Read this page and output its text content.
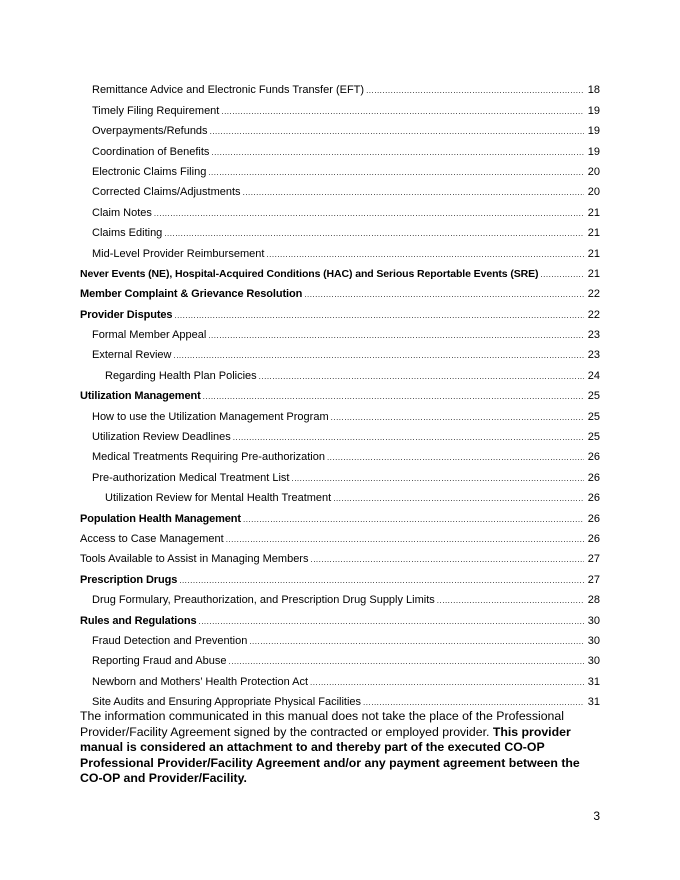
Remittance Advice and Electronic Funds Transfer (EFT) .....	18
Timely Filing Requirement .....	19
Overpayments/Refunds .....	19
Coordination of Benefits .....	19
Electronic Claims Filing .....	20
Corrected Claims/Adjustments .....	20
Claim Notes .....	21
Claims Editing .....	21
Mid-Level Provider Reimbursement .....	21
Never Events (NE), Hospital-Acquired Conditions (HAC) and Serious Reportable Events (SRE) .....	21
Member Complaint & Grievance Resolution .....	22
Provider Disputes .....	22
Formal Member Appeal .....	23
External Review .....	23
Regarding Health Plan Policies .....	24
Utilization Management .....	25
How to use the Utilization Management Program .....	25
Utilization Review Deadlines .....	25
Medical Treatments Requiring Pre-authorization .....	26
Pre-authorization Medical Treatment List .....	26
Utilization Review for Mental Health Treatment .....	26
Population Health Management .....	26
Access to Case Management .....	26
Tools Available to Assist in Managing Members .....	27
Prescription Drugs .....	27
Drug Formulary, Preauthorization, and Prescription Drug Supply Limits .....	28
Rules and Regulations .....	30
Fraud Detection and Prevention .....	30
Reporting Fraud and Abuse .....	30
Newborn and Mothers’ Health Protection Act .....	31
Site Audits and Ensuring Appropriate Physical Facilities .....	31
The information communicated in this manual does not take the place of the Professional Provider/Facility Agreement signed by the contracted or employed provider. This provider manual is considered an attachment to and thereby part of the executed CO-OP Professional Provider/Facility Agreement and/or any payment agreement between the CO-OP and Provider/Facility.
3
